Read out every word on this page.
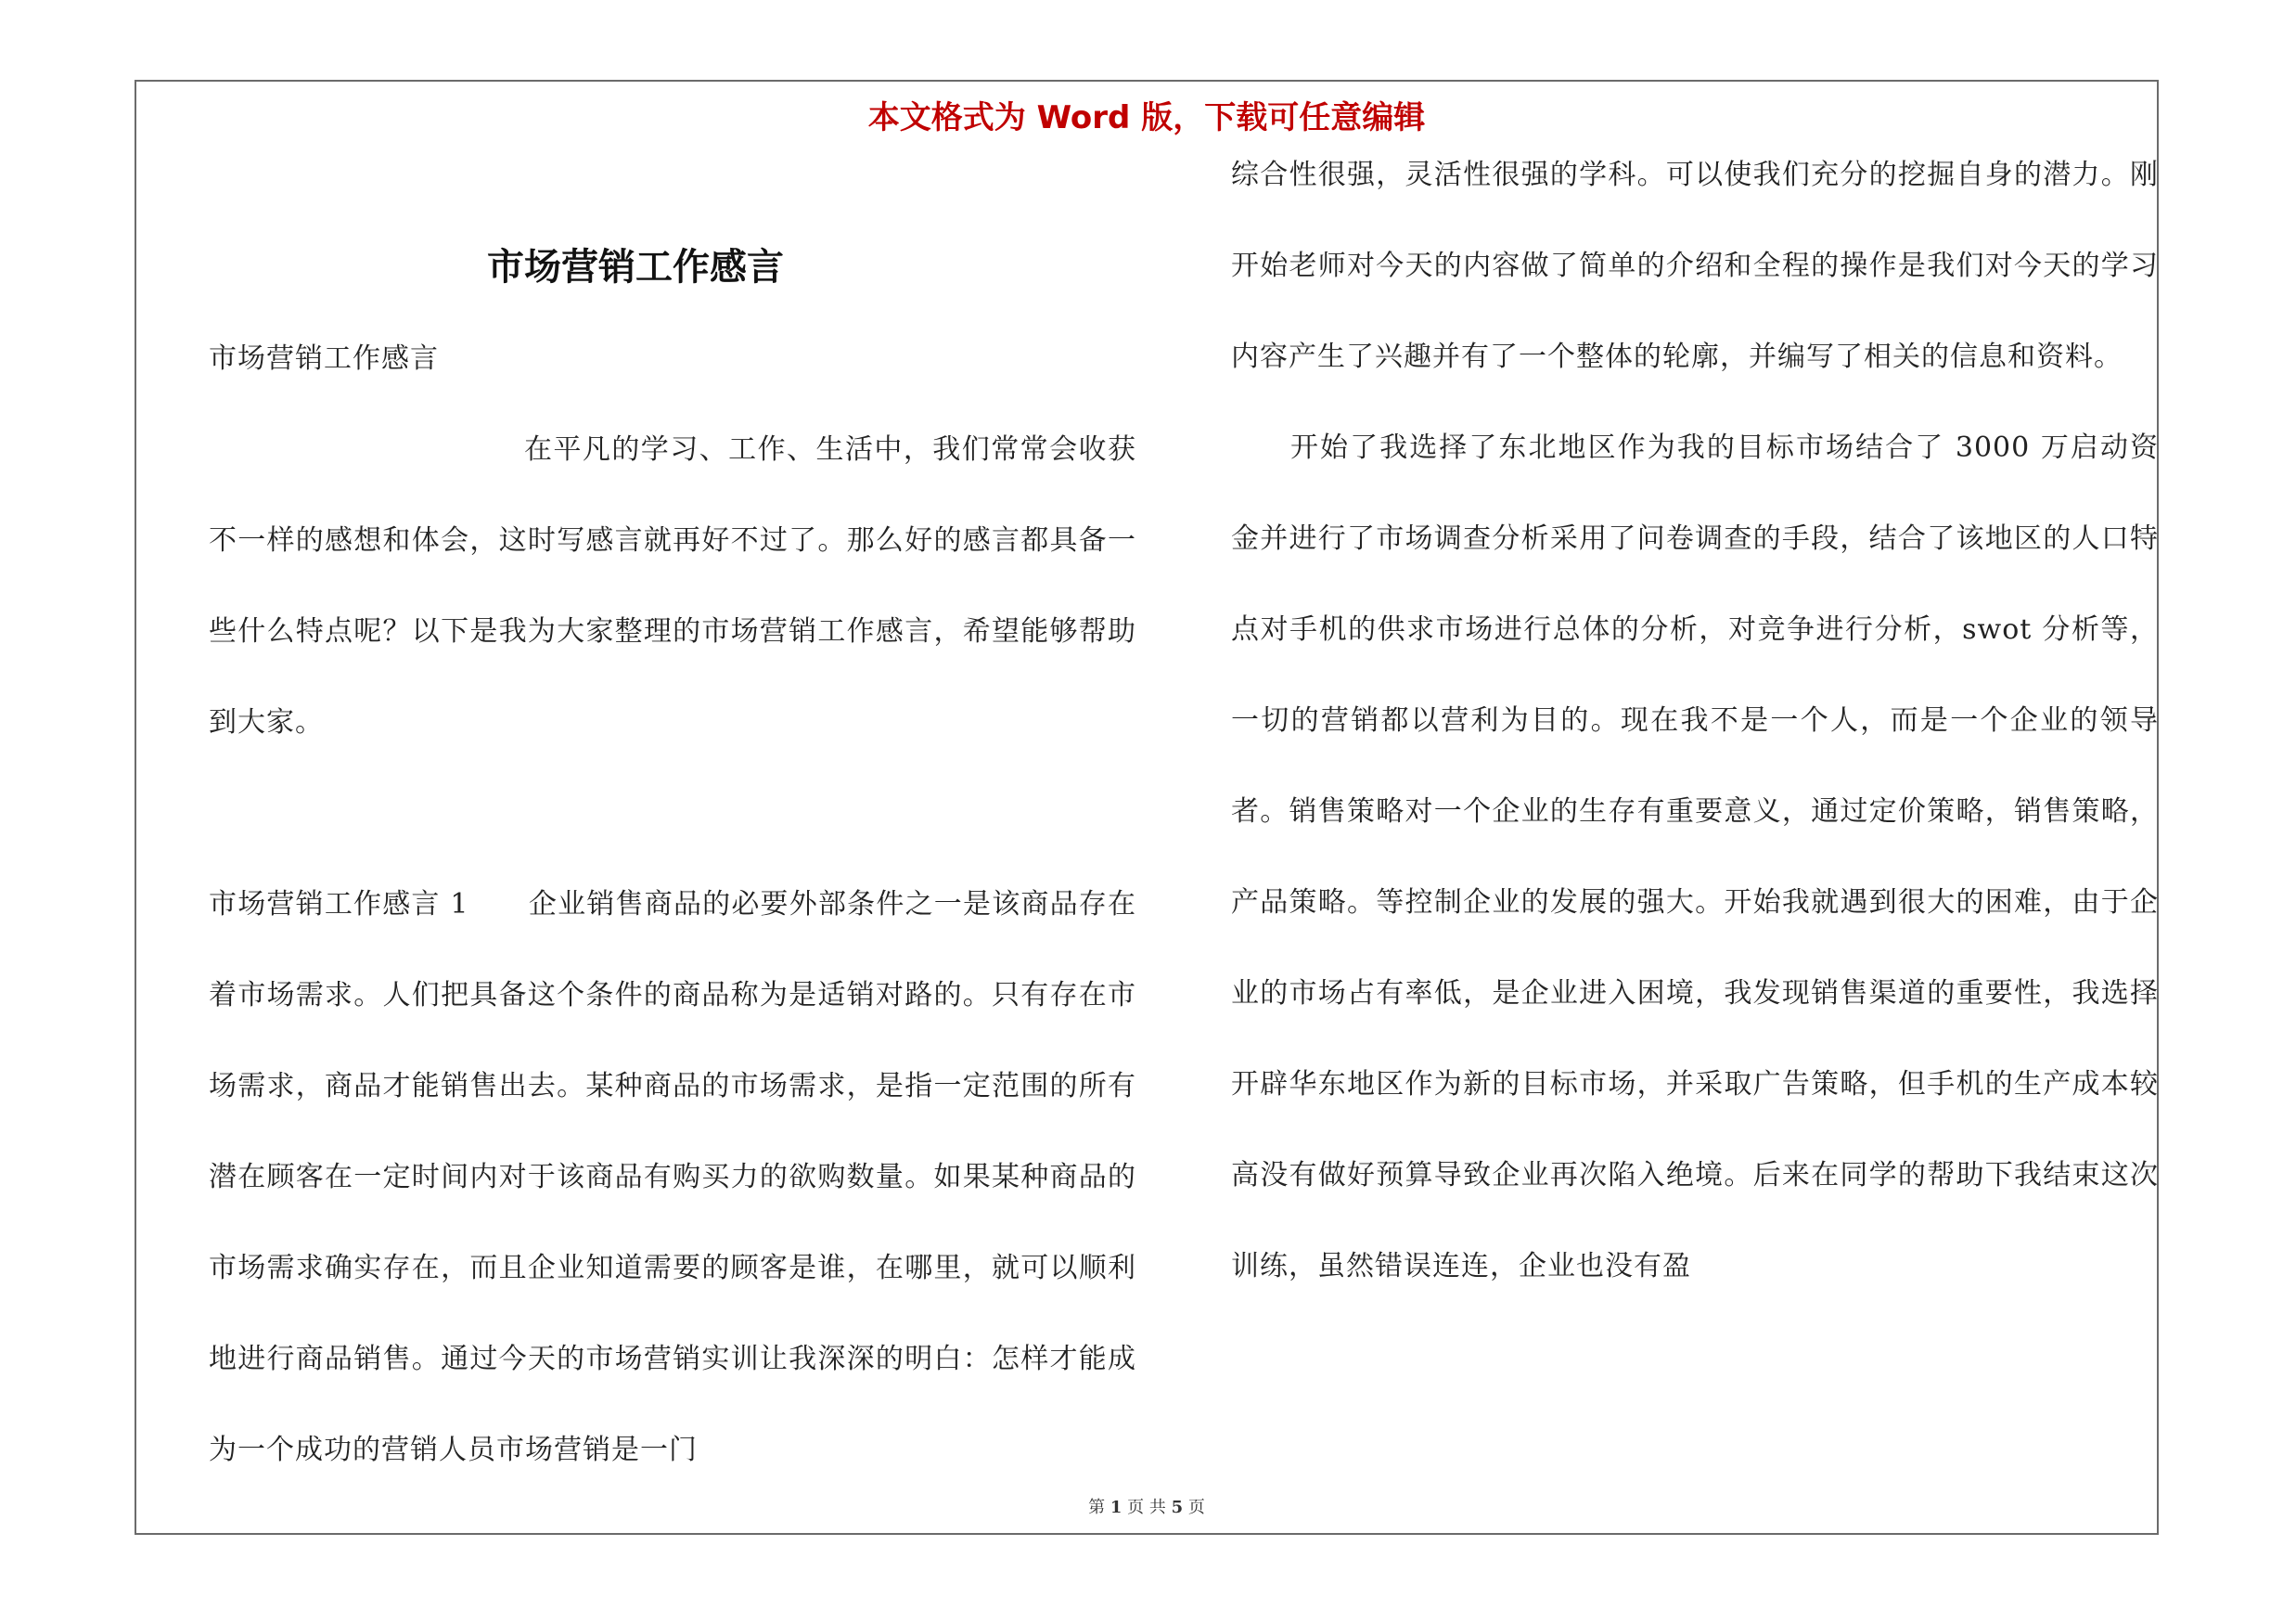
本文格式为 Word 版，下载可任意编辑
市场营销工作感言

市场营销工作感言

在平凡的学习、工作、生活中，我们常常会收获不一样的感想和体会，这时写感言就再好不过了。那么好的感言都具备一些什么特点呢？以下是我为大家整理的市场营销工作感言，希望能够帮助到大家。

市场营销工作感言 1 企业销售商品的必要外部条件之一是该商品存在着市场需求。人们把具备这个条件的商品称为是适销对路的。只有存在市场需求，商品才能销售出去。某种商品的市场需求，是指一定范围的所有潜在顾客在一定时间内对于该商品有购买力的欲购数量。如果某种商品的市场需求确实存在，而且企业知道需要的顾客是谁，在哪里，就可以顺利地进行商品销售。通过今天的市场营销实训让我深深的明白：怎样才能成为一个成功的营销人员市场营销是一门

综合性很强，灵活性很强的学科。可以使我们充分的挖掘自身的潜力。刚开始老师对今天的内容做了简单的介绍和全程的操作是我们对今天的学习内容产生了兴趣并有了一个整体的轮廓，并编写了相关的信息和资料。

开始了我选择了东北地区作为我的目标市场结合了 3000 万启动资金并进行了市场调查分析采用了问卷调查的手段，结合了该地区的人口特点对手机的供求市场进行总体的分析，对竞争进行分析，swot 分析等，一切的营销都以营利为目的。现在我不是一个人，而是一个企业的领导者。销售策略对一个企业的生存有重要意义，通过定价策略，销售策略，产品策略。等控制企业的发展的强大。开始我就遇到很大的困难，由于企业的市场占有率低，是企业进入困境，我发现销售渠道的重要性，我选择开辟华东地区作为新的目标市场，并采取广告策略，但手机的生产成本较高没有做好预算导致企业再次陷入绝境。后来在同学的帮助下我结束这次训练，虽然错误连连，企业也没有盈

第 1 页 共 5 页
